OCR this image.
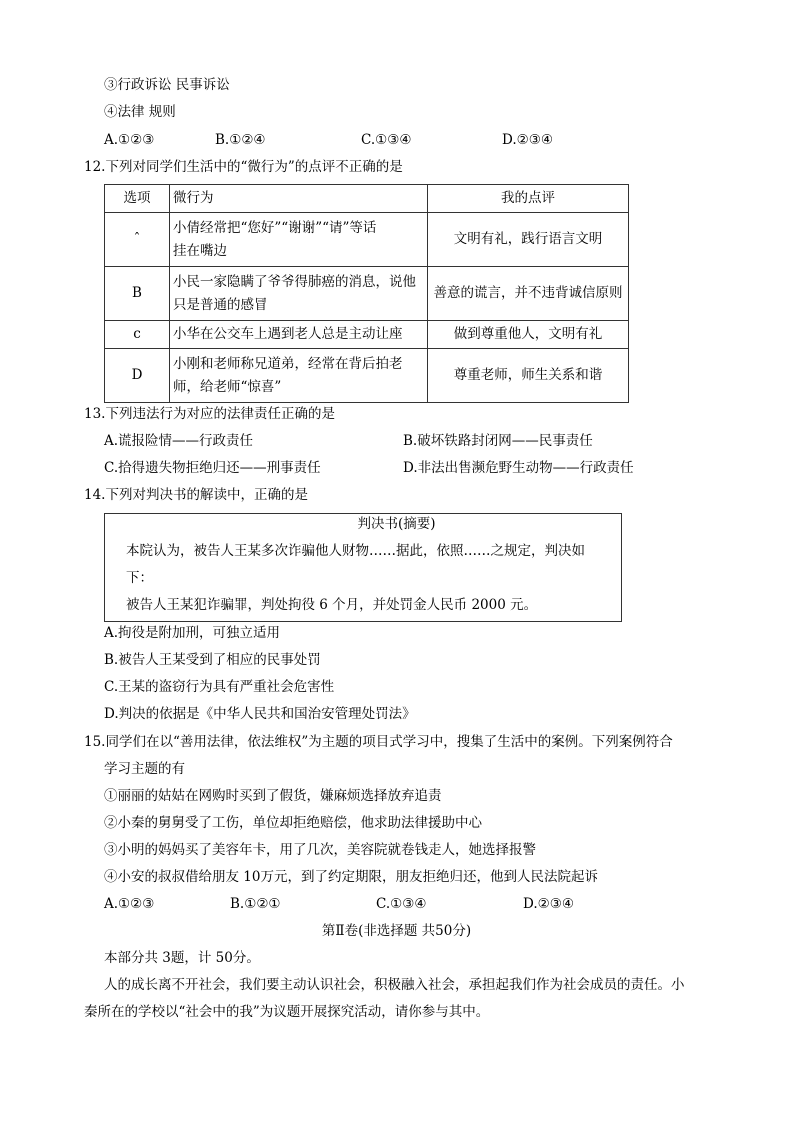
③行政诉讼 民事诉讼
④法律 规则
A.①②③	B.①②④	C.①③④	D.②③④
12.下列对同学们生活中的“微行为”的点评不正确的是
选项	微行为	我的点评
ˆ	小倩经常把“您好”“谢谢”“请”等话
挂在嘴边	文明有礼，践行语言文明
B	小民一家隐瞒了爷爷得肺癌的消息，说他
只是普通的感冒	善意的谎言，并不违背诚信原则
c	小华在公交车上遇到老人总是主动让座	做到尊重他人，文明有礼
D	小刚和老师称兄道弟，经常在背后拍老
师，给老师“惊喜”	尊重老师，师生关系和谐
13.下列违法行为对应的法律责任正确的是
A.谎报险情——行政责任	B.破坏铁路封闭网——民事责任
C.拾得遗失物拒绝归还——刑事责任	D.非法出售濒危野生动物——行政责任
14.下列对判决书的解读中，正确的是
判决书(摘要)
本院认为，被告人王某多次诈骗他人财物……据此，依照……之规定，判决如
下：
被告人王某犯诈骗罪，判处拘役 6 个月，并处罚金人民币 2000 元。
A.拘役是附加刑，可独立适用
B.被告人王某受到了相应的民事处罚
C.王某的盗窃行为具有严重社会危害性
D.判决的依据是《中华人民共和国治安管理处罚法》
15.同学们在以“善用法律，依法维权”为主题的项目式学习中，搜集了生活中的案例。下列案例符合
学习主题的有
①丽丽的姑姑在网购时买到了假货，嫌麻烦选择放弃追责
②小秦的舅舅受了工伤，单位却拒绝赔偿，他求助法律援助中心
③小明的妈妈买了美容年卡，用了几次，美容院就卷钱走人，她选择报警
④小安的叔叔借给朋友 10万元，到了约定期限，朋友拒绝归还，他到人民法院起诉
A.①②③	B.①②①	C.①③④	D.②③④
第Ⅱ卷(非选择题 共50分)
本部分共 3题，计 50分。
人的成长离不开社会，我们要主动认识社会，积极融入社会，承担起我们作为社会成员的责任。小
秦所在的学校以“社会中的我”为议题开展探究活动，请你参与其中。
